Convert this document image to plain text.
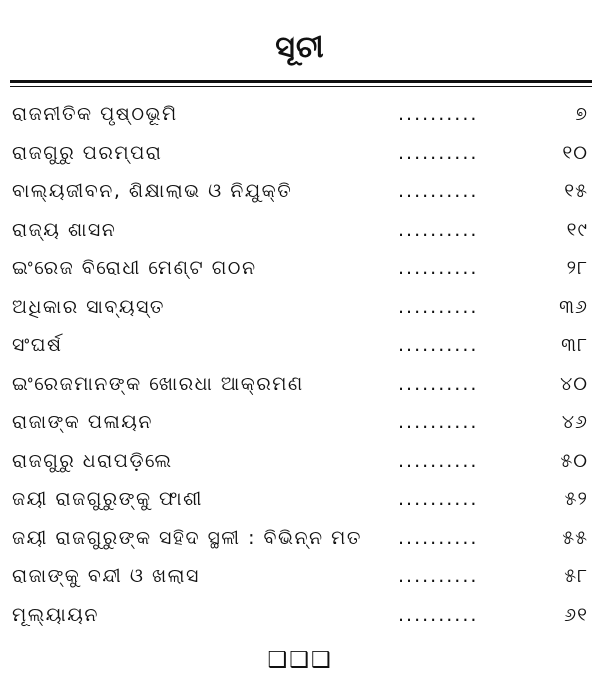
ସୂଚୀ
ରାଜନୀତିକ ପୃଷ୍ଠଭୂମି	..........	୭
ରାଜଗୁରୁ ପରମ୍ପରା	..........	୧୦
ବାଲ୍ୟଜୀବନ, ଶିକ୍ଷାଲାଭ ଓ ନିଯୁକ୍ତି	..........	୧୫
ରାଜ୍ୟ ଶାସନ	..........	୧୯
ଇଂରେଜ ବିରୋଧୀ ମେଣ୍ଟ ଗଠନ	..........	୨୮
ଅଧିକାର ସାବ୍ୟସ୍ତ	..........	୩୬
ସଂଘର୍ଷ	..........	୩୮
ଇଂରେଜମାନଙ୍କ ଖୋରଧା ଆକ୍ରମଣ	..........	୪୦
ରାଜାଙ୍କ ପଳାୟନ	..........	୪୬
ରାଜଗୁରୁ ଧରାପଡ଼ିଲେ	..........	୫୦
ଜୟୀ ରାଜଗୁରୁଙ୍କୁ ଫାଶୀ	..........	୫୨
ଜୟୀ ରାଜଗୁରୁଙ୍କ ସହିଦ ସ୍ଥଳୀ : ବିଭିନ୍ନ ମତ ..........	୫୫
ରାଜାଙ୍କୁ ବନ୍ଦୀ ଓ ଖଲାସ	..........	୫୮
ମୂଲ୍ୟାୟନ	..........	୬୧
❑❑❑
